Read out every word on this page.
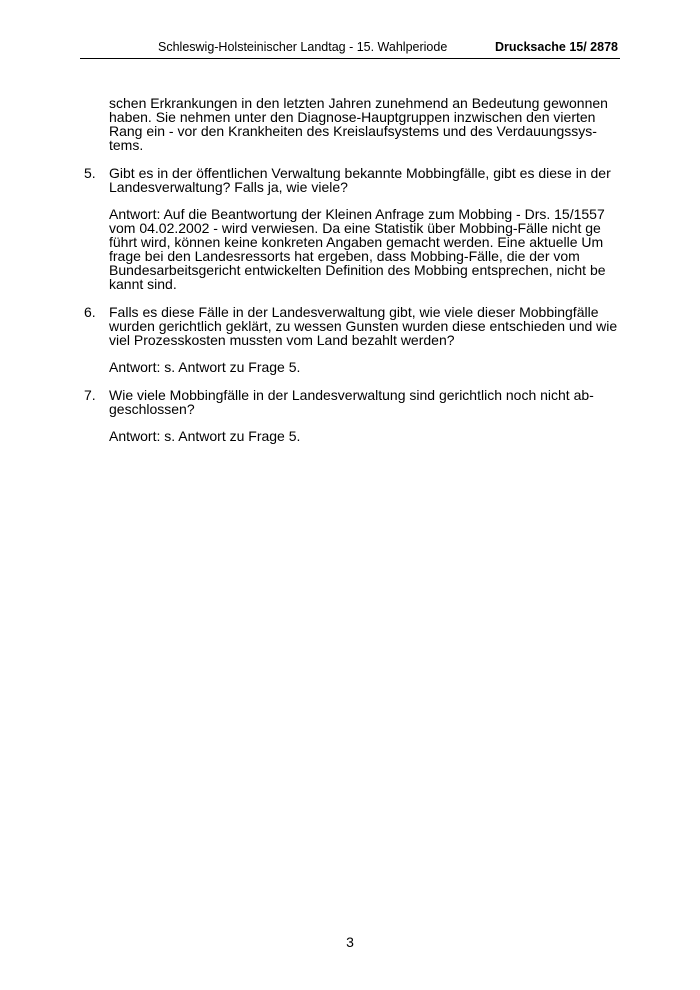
Schleswig-Holsteinischer Landtag - 15. Wahlperiode	Drucksache 15/ 2878

schen Erkrankungen in den letzten Jahren zunehmend an Bedeutung gewonnen haben. Sie nehmen unter den Diagnose-Hauptgruppen inzwischen den vierten Rang ein - vor den Krankheiten des Kreislaufsystems und des Verdauungssys-tems.

5. Gibt es in der öffentlichen Verwaltung bekannte Mobbingfälle, gibt es diese in der Landesverwaltung? Falls ja, wie viele?

Antwort: Auf die Beantwortung der Kleinen Anfrage zum Mobbing - Drs. 15/1557 vom 04.02.2002 - wird verwiesen. Da eine Statistik über Mobbing-Fälle nicht ge führt wird, können keine konkreten Angaben gemacht werden. Eine aktuelle Um frage bei den Landesressorts hat ergeben, dass Mobbing-Fälle, die der vom Bundesarbeitsgericht entwickelten Definition des Mobbing entsprechen, nicht be kannt sind.

6. Falls es diese Fälle in der Landesverwaltung gibt, wie viele dieser Mobbingfälle wurden gerichtlich geklärt, zu wessen Gunsten wurden diese entschieden und wie viel Prozesskosten mussten vom Land bezahlt werden?

Antwort: s. Antwort zu Frage 5.

7. Wie viele Mobbingfälle in der Landesverwaltung sind gerichtlich noch nicht ab-geschlossen?

Antwort: s. Antwort zu Frage 5.

3
